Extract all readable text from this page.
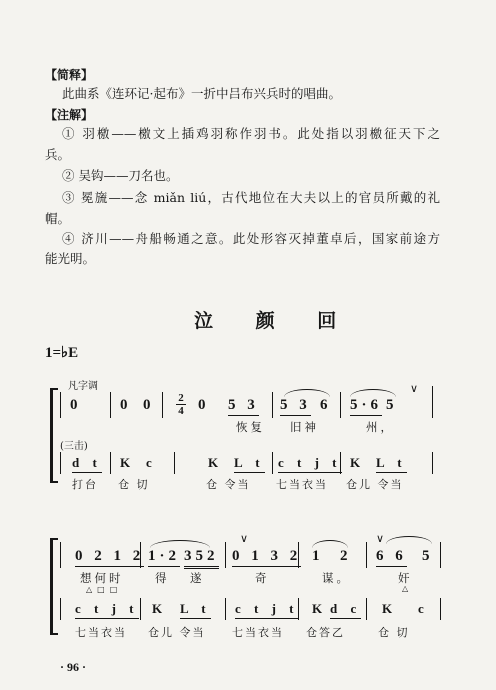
【简释】
此曲系《连环记·起布》一折中吕布兴兵时的唱曲。
【注解】
① 羽檄——檄文上插鸡羽称作羽书。此处指以羽檄征天下之
兵。
② 吴钩——刀名也。
③ 冕旒——念 miǎn liú，古代地位在大夫以上的官员所戴的礼
帽。
④ 济川——舟船畅通之意。此处形容灭掉董卓后，国家前途方
能光明。
泣 颜 回
1=♭E
凡字调
2
4
0	0 0	0 5 3 5 3 6 5·6 5
∨
恢复 旧神	州，
(三击)
d t K c	K L t c t j t K L t
打台 仓 切	仓 令当 七当衣当 仓儿 令当
0 2 1 2 1·2 352 0 1 3 2 1 2 6 6 5
∨	∨
想何时	得 遂	奇	谋。	奸
△□□	△
c t j t K L t c t j t K d c K c
七当衣当 仓儿 令当 七当衣当 仓答乙	仓 切
· 96 ·
